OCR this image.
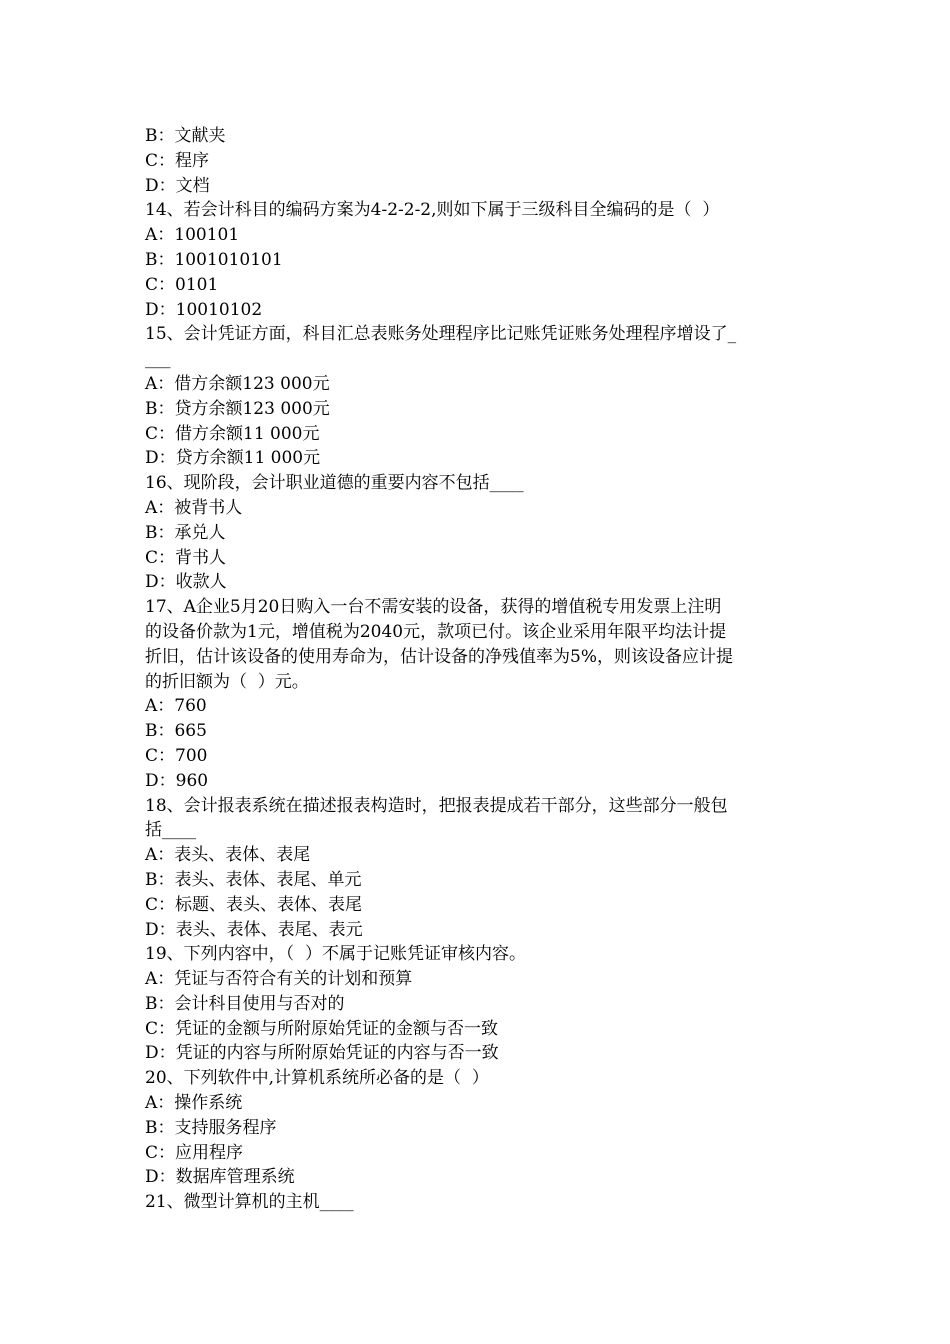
B：文献夹
C：程序
D：文档
14、若会计科目的编码方案为4-2-2-2,则如下属于三级科目全编码的是（  ）
A：100101
B：1001010101
C：0101
D：10010102
15、会计凭证方面，科目汇总表账务处理程序比记账凭证账务处理程序增设了_
___
A：借方余额123 000元
B：贷方余额123 000元
C：借方余额11 000元
D：贷方余额11 000元
16、现阶段，会计职业道德的重要内容不包括____
A：被背书人
B：承兑人
C：背书人
D：收款人
17、A企业5月20日购入一台不需安装的设备，获得的增值税专用发票上注明
的设备价款为1元，增值税为2040元，款项已付。该企业采用年限平均法计提
折旧，估计该设备的使用寿命为，估计设备的净残值率为5%，则该设备应计提
的折旧额为（  ）元。
A：760
B：665
C：700
D：960
18、会计报表系统在描述报表构造时，把报表提成若干部分，这些部分一般包
括____
A：表头、表体、表尾
B：表头、表体、表尾、单元
C：标题、表头、表体、表尾
D：表头、表体、表尾、表元
19、下列内容中，（  ）不属于记账凭证审核内容。
A：凭证与否符合有关的计划和预算
B：会计科目使用与否对的
C：凭证的金额与所附原始凭证的金额与否一致
D：凭证的内容与所附原始凭证的内容与否一致
20、下列软件中,计算机系统所必备的是（  ）
A：操作系统
B：支持服务程序
C：应用程序
D：数据库管理系统
21、微型计算机的主机____
